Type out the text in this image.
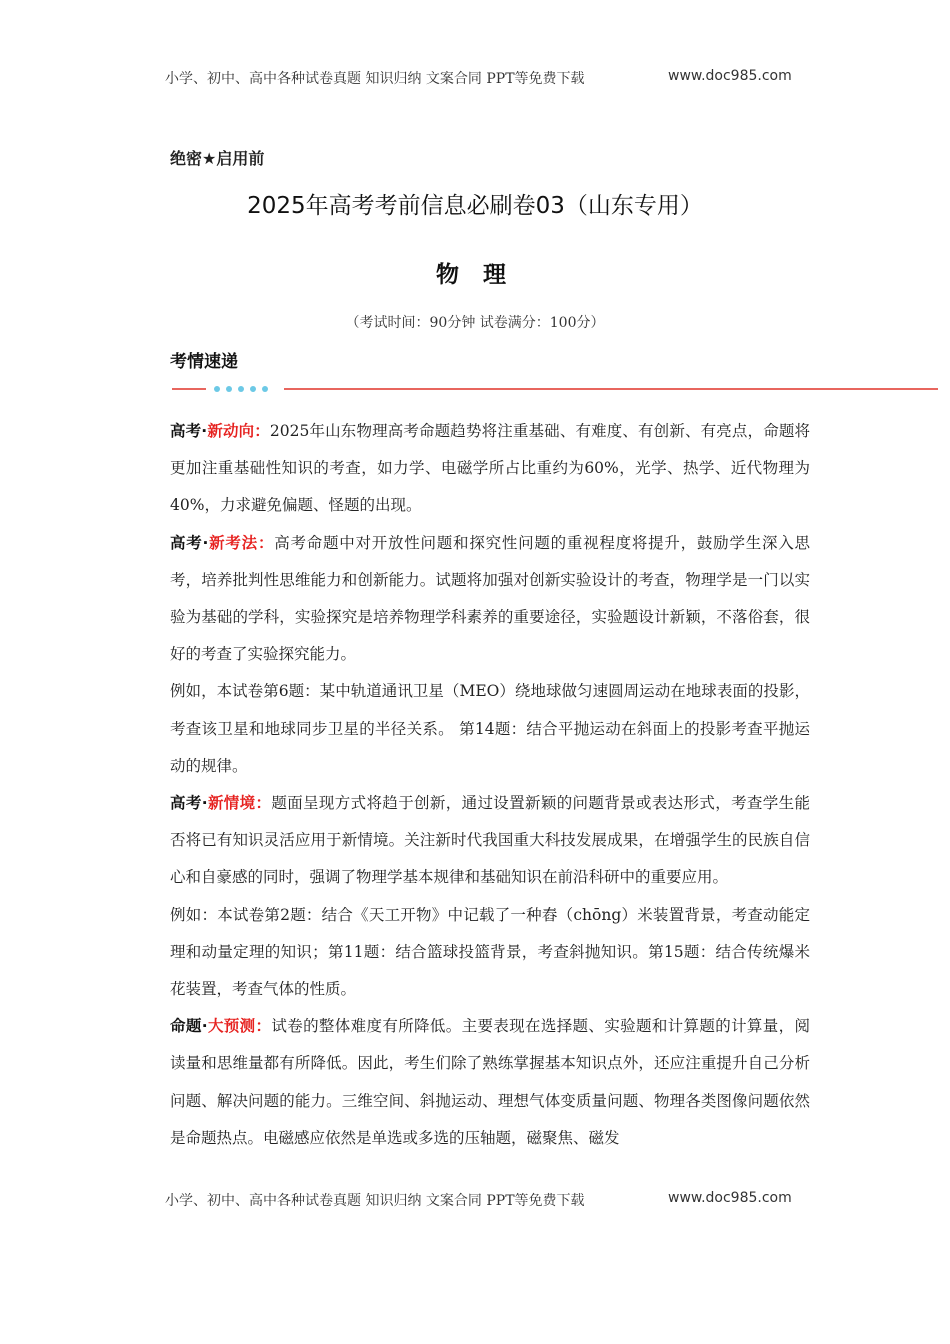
小学、初中、高中各种试卷真题 知识归纳 文案合同 PPT等免费下载	www.doc985.com
绝密★启用前
2025年高考考前信息必刷卷03（山东专用）
物 理
（考试时间：90分钟 试卷满分：100分）
考情速递

高考·新动向：2025年山东物理高考命题趋势将注重基础、有难度、有创新、有亮点，命题将更加注重基础性知识的考查，如力学、电磁学所占比重约为60%，光学、热学、近代物理为40%，力求避免偏题、怪题的出现。

高考·新考法：高考命题中对开放性问题和探究性问题的重视程度将提升，鼓励学生深入思考，培养批判性思维能力和创新能力。试题将加强对创新实验设计的考查，物理学是一门以实验为基础的学科，实验探究是培养物理学科素养的重要途径，实验题设计新颖，不落俗套，很好的考查了实验探究能力。

例如，本试卷第6题：某中轨道通讯卫星（MEO）绕地球做匀速圆周运动在地球表面的投影，考查该卫星和地球同步卫星的半径关系。 第14题：结合平抛运动在斜面上的投影考查平抛运动的规律。

高考·新情境：题面呈现方式将趋于创新，通过设置新颖的问题背景或表达形式，考查学生能否将已有知识灵活应用于新情境。关注新时代我国重大科技发展成果，在增强学生的民族自信心和自豪感的同时，强调了物理学基本规律和基础知识在前沿科研中的重要应用。

例如：本试卷第2题：结合《天工开物》中记载了一种舂（chōng）米装置背景，考查动能定理和动量定理的知识；第11题：结合篮球投篮背景，考查斜抛知识。第15题：结合传统爆米花装置，考查气体的性质。

命题·大预测：试卷的整体难度有所降低。主要表现在选择题、实验题和计算题的计算量，阅读量和思维量都有所降低。因此，考生们除了熟练掌握基本知识点外，还应注重提升自己分析问题、解决问题的能力。三维空间、斜抛运动、理想气体变质量问题、物理各类图像问题依然是命题热点。电磁感应依然是单选或多选的压轴题，磁聚焦、磁发

小学、初中、高中各种试卷真题 知识归纳 文案合同 PPT等免费下载	www.doc985.com
